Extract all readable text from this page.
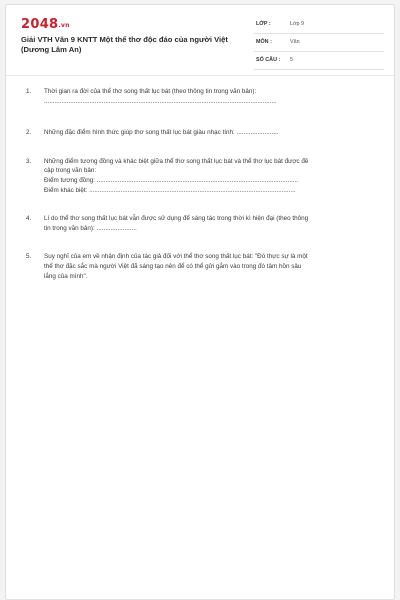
2048.vn
Giải VTH Văn 9 KNTT Một thể thơ độc đáo của người Việt (Dương Lâm An)
LỚP :	Lớp 9
MÔN :	Văn
SỐ CÂU : 5
1. Thời gian ra đời của thể thơ song thất lục bát (theo thông tin trong văn bản):

.....................................................................................................................................

2. Những đặc điểm hình thức giúp thơ song thất lục bát giàu nhạc tính: ........................

3. Những điểm tương đồng và khác biệt giữa thể thơ song thất lục bát và thể thơ lục bát được đề

cập trong văn bản:

Điểm tương đồng: ...................................................................................................................

Điểm khác biệt: ......................................................................................................................

4. Lí do thể thơ song thất lục bát vẫn được sử dụng để sáng tác trong thời kì hiện đại (theo thông

tin trong văn bản): .......................

5. Suy nghĩ của em về nhận định của tác giả đối với thể thơ song thất lục bát: "Đó thực sự là một

thể thơ đặc sắc mà người Việt đã sáng tạo nên để có thể gửi gắm vào trong đó tâm hồn sâu

lắng của mình".
